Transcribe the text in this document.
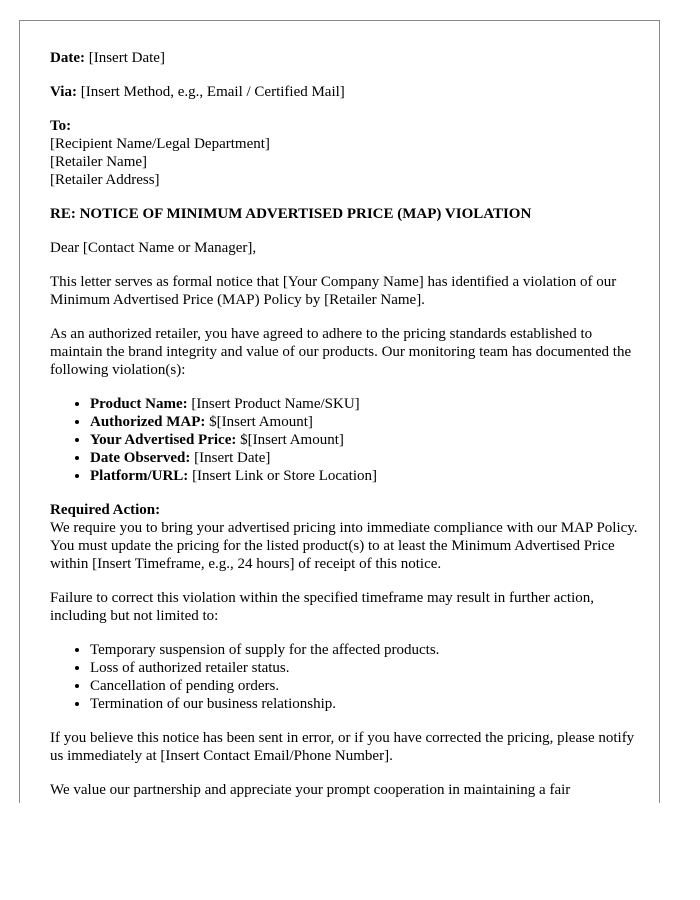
Date: [Insert Date]

Via: [Insert Method, e.g., Email / Certified Mail]

To:
[Recipient Name/Legal Department]
[Retailer Name]
[Retailer Address]

RE: NOTICE OF MINIMUM ADVERTISED PRICE (MAP) VIOLATION

Dear [Contact Name or Manager],

This letter serves as formal notice that [Your Company Name] has identified a violation of our Minimum Advertised Price (MAP) Policy by [Retailer Name].

As an authorized retailer, you have agreed to adhere to the pricing standards established to maintain the brand integrity and value of our products. Our monitoring team has documented the following violation(s):

• Product Name: [Insert Product Name/SKU]
• Authorized MAP: $[Insert Amount]
• Your Advertised Price: $[Insert Amount]
• Date Observed: [Insert Date]
• Platform/URL: [Insert Link or Store Location]
Required Action:
We require you to bring your advertised pricing into immediate compliance with our MAP Policy. You must update the pricing for the listed product(s) to at least the Minimum Advertised Price within [Insert Timeframe, e.g., 24 hours] of receipt of this notice.

Failure to correct this violation within the specified timeframe may result in further action, including but not limited to:

• Temporary suspension of supply for the affected products.
• Loss of authorized retailer status.
• Cancellation of pending orders.
• Termination of our business relationship.

If you believe this notice has been sent in error, or if you have corrected the pricing, please notify us immediately at [Insert Contact Email/Phone Number].

We value our partnership and appreciate your prompt cooperation in maintaining a fair
